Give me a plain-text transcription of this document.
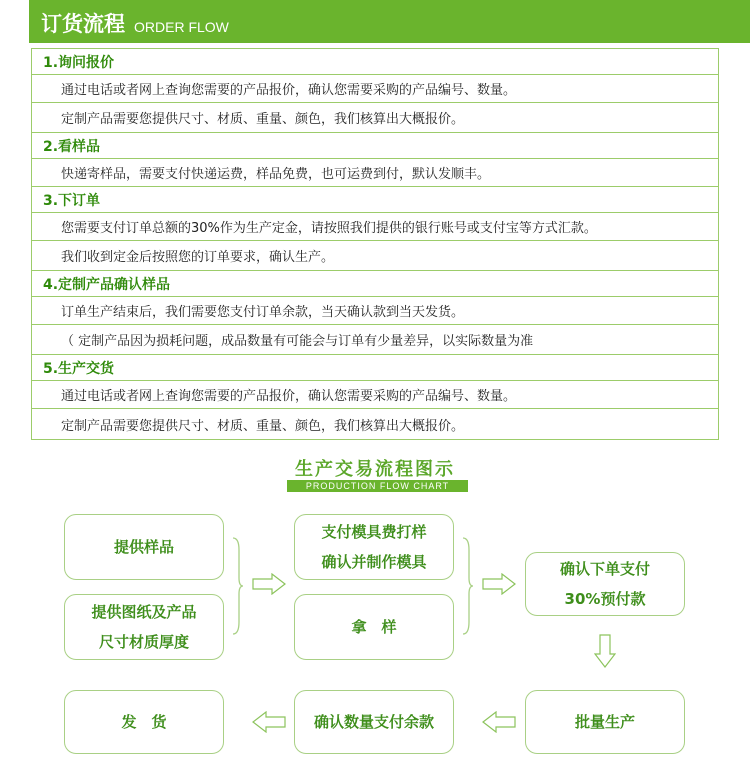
订货流程 ORDER FLOW
1.询问报价
通过电话或者网上查询您需要的产品报价，确认您需要采购的产品编号、数量。
定制产品需要您提供尺寸、材质、重量、颜色，我们核算出大概报价。
2.看样品
快递寄样品，需要支付快递运费，样品免费，也可运费到付，默认发顺丰。
3.下订单
您需要支付订单总额的30%作为生产定金，请按照我们提供的银行账号或支付宝等方式汇款。
我们收到定金后按照您的订单要求，确认生产。
4.定制产品确认样品
订单生产结束后，我们需要您支付订单余款，当天确认款到当天发货。
（ 定制产品因为损耗问题，成品数量有可能会与订单有少量差异，以实际数量为准
5.生产交货
通过电话或者网上查询您需要的产品报价，确认您需要采购的产品编号、数量。
定制产品需要您提供尺寸、材质、重量、颜色，我们核算出大概报价。
生产交易流程图示
PRODUCTION FLOW CHART
提供样品
提供图纸及产品
尺寸材质厚度
支付模具费打样
确认并制作模具
拿　样
确认下单支付
30%预付款
批量生产
确认数量支付余款
发　货
